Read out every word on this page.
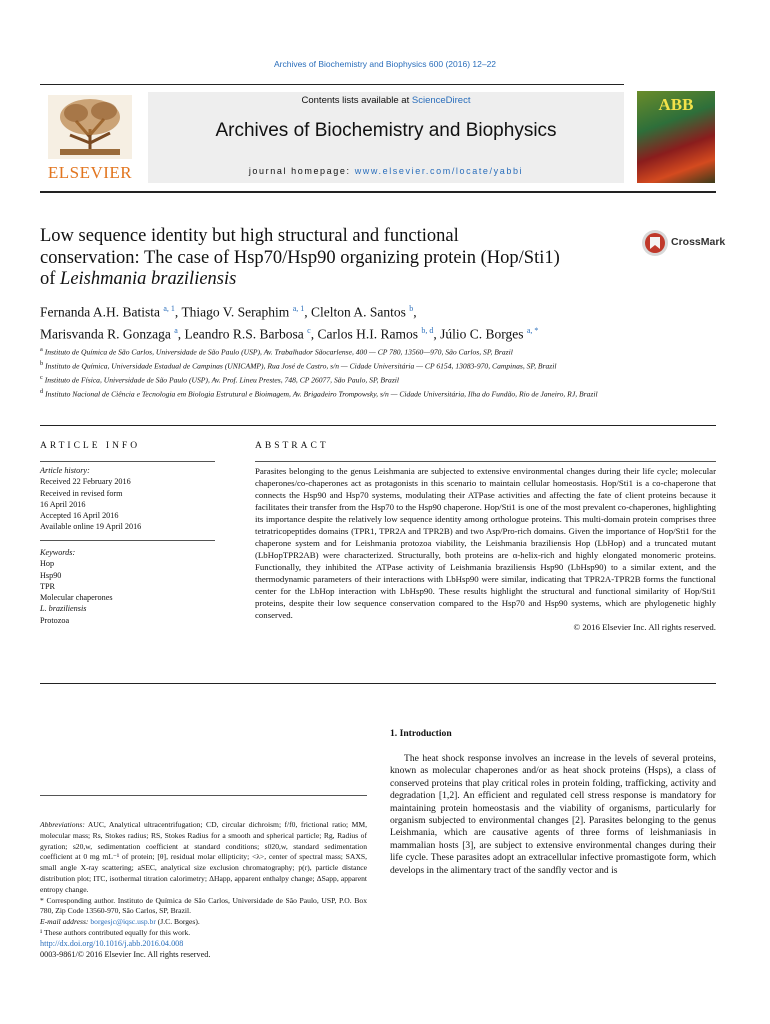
Archives of Biochemistry and Biophysics 600 (2016) 12–22
ELSEVIER
Contents lists available at ScienceDirect
Archives of Biochemistry and Biophysics
journal homepage: www.elsevier.com/locate/yabbi
ABB
Low sequence identity but high structural and functional
conservation: The case of Hsp70/Hsp90 organizing protein (Hop/Sti1)
of Leishmania braziliensis
CrossMark
Fernanda A.H. Batista $^{a, 1}$, Thiago V. Seraphim $^{a, 1}$, Clelton A. Santos $^b$,
Marisvanda R. Gonzaga $^a$, Leandro R.S. Barbosa $^c$, Carlos H.I. Ramos $^{b, d}$, Júlio C. Borges $^{a, *}$
$^a$ Instituto de Química de São Carlos, Universidade de São Paulo (USP), Av. Trabalhador Sãocarlense, 400 — CP 780, 13560—970, São Carlos, SP, Brazil
$^b$ Instituto de Química, Universidade Estadual de Campinas (UNICAMP), Rua José de Castro, s/n — Cidade Universitária — CP 6154, 13083-970, Campinas, SP, Brazil
$^c$ Instituto de Física, Universidade de São Paulo (USP), Av. Prof. Lineu Prestes, 748, CP 26077, São Paulo, SP, Brazil
$^d$ Instituto Nacional de Ciência e Tecnologia em Biologia Estrutural e Bioimagem, Av. Brigadeiro Trompowsky, s/n — Cidade Universitária, Ilha do Fundão, Rio de Janeiro, RJ, Brazil
ARTICLE INFO
Article history:
Received 22 February 2016
Received in revised form
16 April 2016
Accepted 16 April 2016
Available online 19 April 2016
Keywords:
Hop
Hsp90
TPR
Molecular chaperones
L. braziliensis
Protozoa
ABSTRACT
Parasites belonging to the genus Leishmania are subjected to extensive environmental changes during their life cycle; molecular chaperones/co-chaperones act as protagonists in this scenario to maintain cellular homeostasis. Hop/Sti1 is a co-chaperone that connects the Hsp90 and Hsp70 systems, modulating their ATPase activities and affecting the fate of client proteins because it facilitates their transfer from the Hsp70 to the Hsp90 chaperone. Hop/Sti1 is one of the most prevalent co-chaperones, highlighting its importance despite the relatively low sequence identity among orthologue proteins. This multi-domain protein comprises three tetratricopeptides domains (TPR1, TPR2A and TPR2B) and two Asp/Pro-rich domains. Given the importance of Hop/Sti1 for the chaperone system and for Leishmania protozoa viability, the Leishmania braziliensis Hop (LbHop) and a truncated mutant (LbHopTPR2AB) were characterized. Structurally, both proteins are α-helix-rich and highly elongated monomeric proteins. Functionally, they inhibited the ATPase activity of Leishmania braziliensis Hsp90 (LbHsp90) to a similar extent, and the thermodynamic parameters of their interactions with LbHsp90 were similar, indicating that TPR2A-TPR2B forms the functional center for the LbHop interaction with LbHsp90. These results highlight the structural and functional similarity of Hop/Sti1 proteins, despite their low sequence conservation compared to the Hsp70 and Hsp90 systems, which are phylogenetic highly conserved.
© 2016 Elsevier Inc. All rights reserved.
Abbreviations: AUC, Analytical ultracentrifugation; CD, circular dichroism; f/f0, frictional ratio; MM, molecular mass; Rs, Stokes radius; RS, Stokes Radius for a smooth and spherical particle; Rg, Radius of gyration; s20,w, sedimentation coefficient at standard conditions; s020,w, standard sedimentation coefficient at 0 mg mL⁻¹ of protein; [θ], residual molar ellipticity; <λ>, center of spectral mass; SAXS, small angle X-ray scattering; aSEC, analytical size exclusion chromatography; p(r), particle distance distribution plot; ITC, isothermal titration calorimetry; ΔHapp, apparent enthalpy change; ΔSapp, apparent entropy change.
* Corresponding author. Instituto de Química de São Carlos, Universidade de São Paulo, USP, P.O. Box 780, Zip Code 13560-970, São Carlos, SP, Brazil.
E-mail address: borgesjc@iqsc.usp.br (J.C. Borges).
¹ These authors contributed equally for this work.
http://dx.doi.org/10.1016/j.abb.2016.04.008
0003-9861/© 2016 Elsevier Inc. All rights reserved.
1. Introduction
The heat shock response involves an increase in the levels of several proteins, known as molecular chaperones and/or as heat shock proteins (Hsps), a class of conserved proteins that play critical roles in protein folding, trafficking, activity and degradation [1,2]. An efficient and regulated cell stress response is mandatory for maintaining protein homeostasis and the viability of organisms, particularly for organism subjected to environmental changes [2]. Parasites belonging to the genus Leishmania, which are causative agents of three forms of leishmaniasis in mammalian hosts [3], are subject to extensive environmental changes during their life cycle. These parasites adopt an extracellular infective promastigote form, which develops in the alimentary tract of the sandfly vector and is
